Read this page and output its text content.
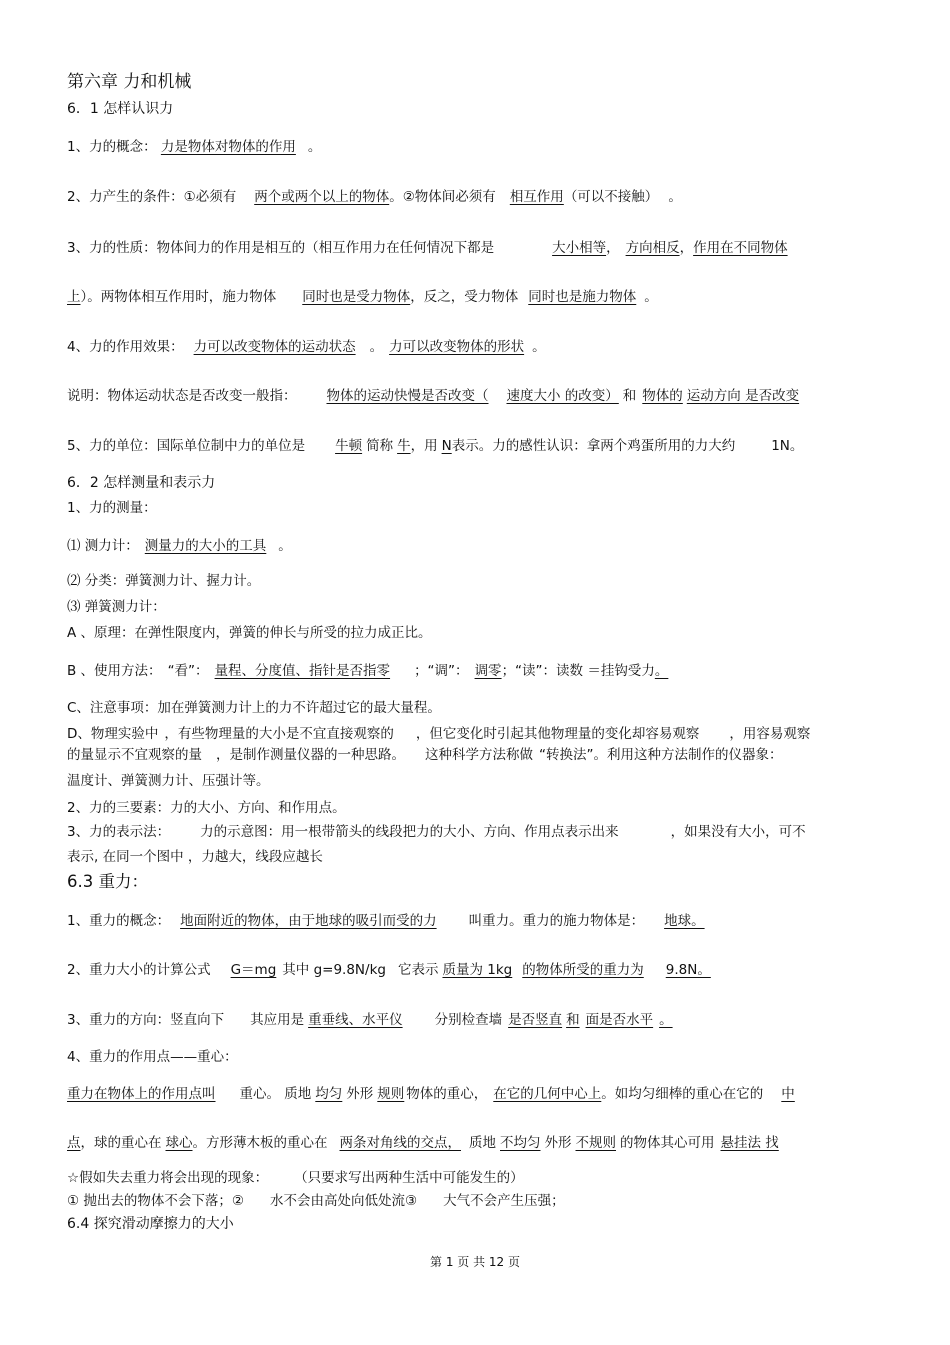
第六章 力和机械
6．1 怎样认识力
1、力的概念： 力是物体对物体的作用 。
2、力产生的条件：①必须有 两个或两个以上的物体。②物体间必须有 相互作用（可以不接触） 。
3、力的性质：物体间力的作用是相互的（相互作用力在任何情况下都是	大小相等， 方向相反，作用在不同物体
上）。两物体相互作用时，施力物体 同时也是受力物体，反之，受力物体 同时也是施力物体 。
4、力的作用效果： 力可以改变物体的运动状态 。 力可以改变物体的形状 。
说明：物体运动状态是否改变一般指： 物体的运动快慢是否改变（ 速度大小 的改变） 和 物体的 运动方向 是否改变
5、力的单位：国际单位制中力的单位是 牛顿 简称 牛，用 N表示。力的感性认识：拿两个鸡蛋所用的力大约	1N。
6．2 怎样测量和表示力
1、力的测量：
⑴ 测力计： 测量力的大小的工具 。
⑵ 分类：弹簧测力计、握力计。
⑶ 弹簧测力计：
A 、原理：在弹性限度内，弹簧的伸长与所受的拉力成正比。
B 、使用方法： “看”： 量程、分度值、指针是否指零 ；“调”： 调零；“读”：读数 ＝挂钩受力。
C、注意事项：加在弹簧测力计上的力不许超过它的最大量程。
D、物理实验中 ，有些物理量的大小是不宜直接观察的 ，但它变化时引起其他物理量的变化却容易观察 ，用容易观察
的量显示不宜观察的量 ，是制作测量仪器的一种思路。 这种科学方法称做 “转换法”。利用这种方法制作的仪器象：
温度计、弹簧测力计、压强计等。
2、力的三要素：力的大小、方向、和作用点。
3、力的表示法： 力的示意图：用一根带箭头的线段把力的大小、方向、作用点表示出来	，如果没有大小，可不
表示, 在同一个图中 ，力越大，线段应越长
6.3 重力：
1、重力的概念： 地面附近的物体，由于地球的吸引而受的力 叫重力。重力的施力物体是： 地球。
2、重力大小的计算公式 G＝mg 其中 g=9.8N/kg 它表示 质量为 1kg 的物体所受的重力为 9.8N。
3、重力的方向：竖直向下 其应用是 重垂线、水平仪 分别检查墙 是否竖直 和 面是否水平 。
4、重力的作用点——重心：
重力在物体上的作用点叫 重心。 质地 均匀 外形 规则 物体的重心， 在它的几何中心上。如均匀细棒的重心在它的 中
点，球的重心在 球心。方形薄木板的重心在 两条对角线的交点， 质地 不均匀 外形 不规则 的物体其心可用 悬挂法 找
☆假如失去重力将会出现的现象： （只要求写出两种生活中可能发生的）
① 抛出去的物体不会下落；② 水不会由高处向低处流③ 大气不会产生压强；
6.4 探究滑动摩擦力的大小
第 1 页 共 12 页
